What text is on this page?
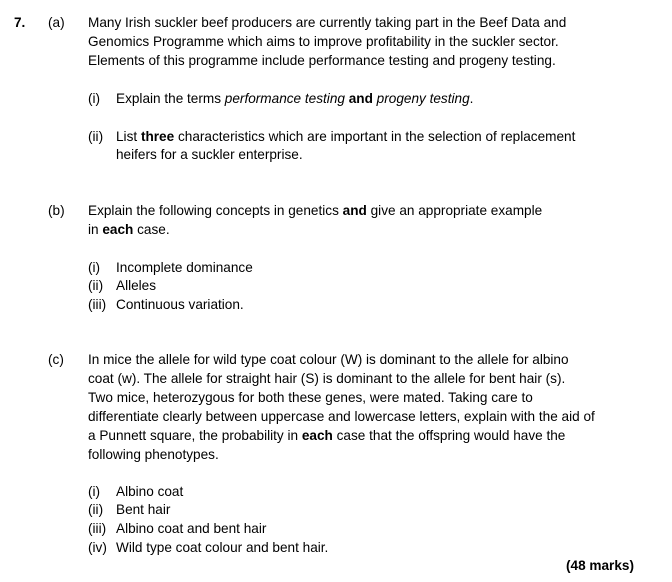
7. (a) Many Irish suckler beef producers are currently taking part in the Beef Data and
Genomics Programme which aims to improve profitability in the suckler sector.
Elements of this programme include performance testing and progeny testing.
(i) Explain the terms performance testing and progeny testing.
(ii) List three characteristics which are important in the selection of replacement
heifers for a suckler enterprise.
(b) Explain the following concepts in genetics and give an appropriate example
in each case.
(i) Incomplete dominance
(ii) Alleles
(iii) Continuous variation.
(c) In mice the allele for wild type coat colour (W) is dominant to the allele for albino
coat (w). The allele for straight hair (S) is dominant to the allele for bent hair (s).
Two mice, heterozygous for both these genes, were mated. Taking care to
differentiate clearly between uppercase and lowercase letters, explain with the aid of
a Punnett square, the probability in each case that the offspring would have the
following phenotypes.
(i) Albino coat
(ii) Bent hair
(iii) Albino coat and bent hair
(iv) Wild type coat colour and bent hair.
(48 marks)
